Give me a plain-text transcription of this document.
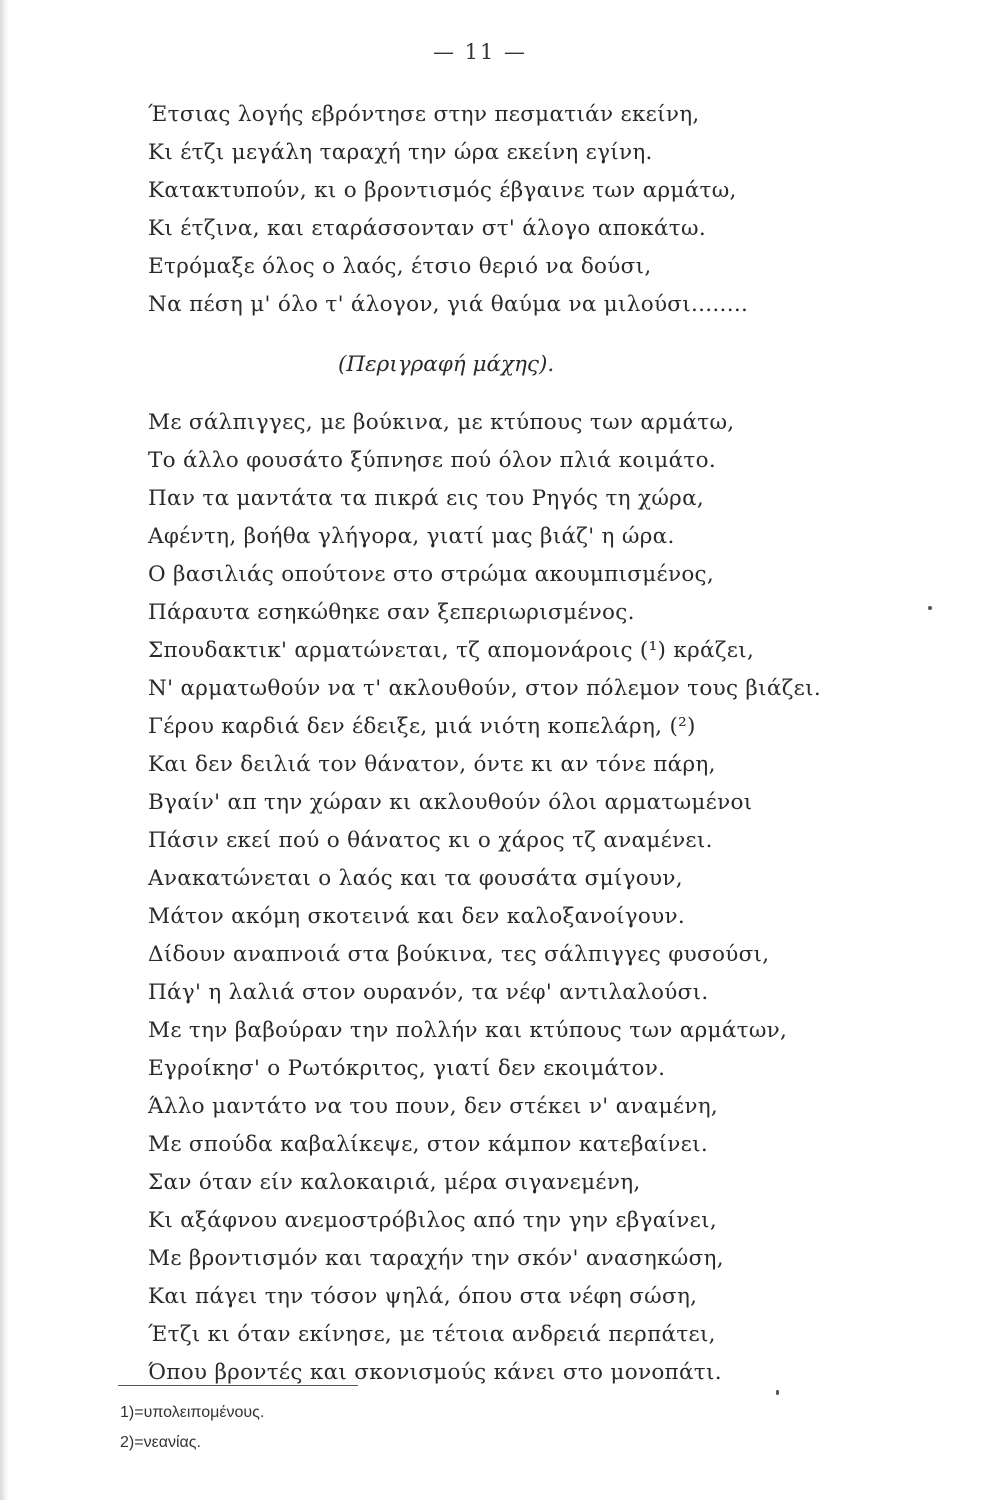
— 11 —
Έτσιας λογής εβρόντησε στην πεσματιάν εκείνη,
Κι έτζι μεγάλη ταραχή την ώρα εκείνη εγίνη.
Κατακτυπούν, κι ο βροντισμός έβγαινε των αρμάτω,
Κι έτζινα, και εταράσσονταν στ' άλογο αποκάτω.
Ετρόμαξε όλος ο λαός, έτσιο θεριό να δούσι,
Να πέση μ' όλο τ' άλογον, γιά θαύμα να μιλούσι........
(Περιγραφή μάχης).
Με σάλπιγγες, με βούκινα, με κτύπους των αρμάτω,
Το άλλο φουσάτο ξύπνησε πού όλον πλιά κοιμάτο.
Παν τα μαντάτα τα πικρά εις του Ρηγός τη χώρα,
Αφέντη, βοήθα γλήγορα, γιατί μας βιάζ' η ώρα.
Ο βασιλιάς οπούτονε στο στρώμα ακουμπισμένος,
Πάραυτα εσηκώθηκε σαν ξεπεριωρισμένος.
Σπουδακτικ' αρματώνεται, τζ απομονάροις (¹) κράζει,
Ν' αρματωθούν να τ' ακλουθούν, στον πόλεμον τους βιάζει.
Γέρου καρδιά δεν έδειξε, μιά νιότη κοπελάρη, (²)
Και δεν δειλιά τον θάνατον, όντε κι αν τόνε πάρη,
Βγαίν' απ την χώραν κι ακλουθούν όλοι αρματωμένοι
Πάσιν εκεί πού ο θάνατος κι ο χάρος τζ αναμένει.
Ανακατώνεται ο λαός και τα φουσάτα σμίγουν,
Μάτον ακόμη σκοτεινά και δεν καλοξανοίγουν.
Δίδουν αναπνοιά στα βούκινα, τες σάλπιγγες φυσούσι,
Πάγ' η λαλιά στον ουρανόν, τα νέφ' αντιλαλούσι.
Με την βαβούραν την πολλήν και κτύπους των αρμάτων,
Εγροίκησ' ο Ρωτόκριτος, γιατί δεν εκοιμάτον.
Άλλο μαντάτο να του πουν, δεν στέκει ν' αναμένη,
Με σπούδα καβαλίκεψε, στον κάμπον κατεβαίνει.
Σαν όταν είν καλοκαιριά, μέρα σιγανεμένη,
Κι αξάφνου ανεμοστρόβιλος από την γην εβγαίνει,
Με βροντισμόν και ταραχήν την σκόν' ανασηκώση,
Και πάγει την τόσον ψηλά, όπου στα νέφη σώση,
Έτζι κι όταν εκίνησε, με τέτοια ανδρειά περπάτει,
Όπου βροντές και σκονισμούς κάνει στο μονοπάτι.
1)=υπολειπομένους.
2)=νεανίας.
